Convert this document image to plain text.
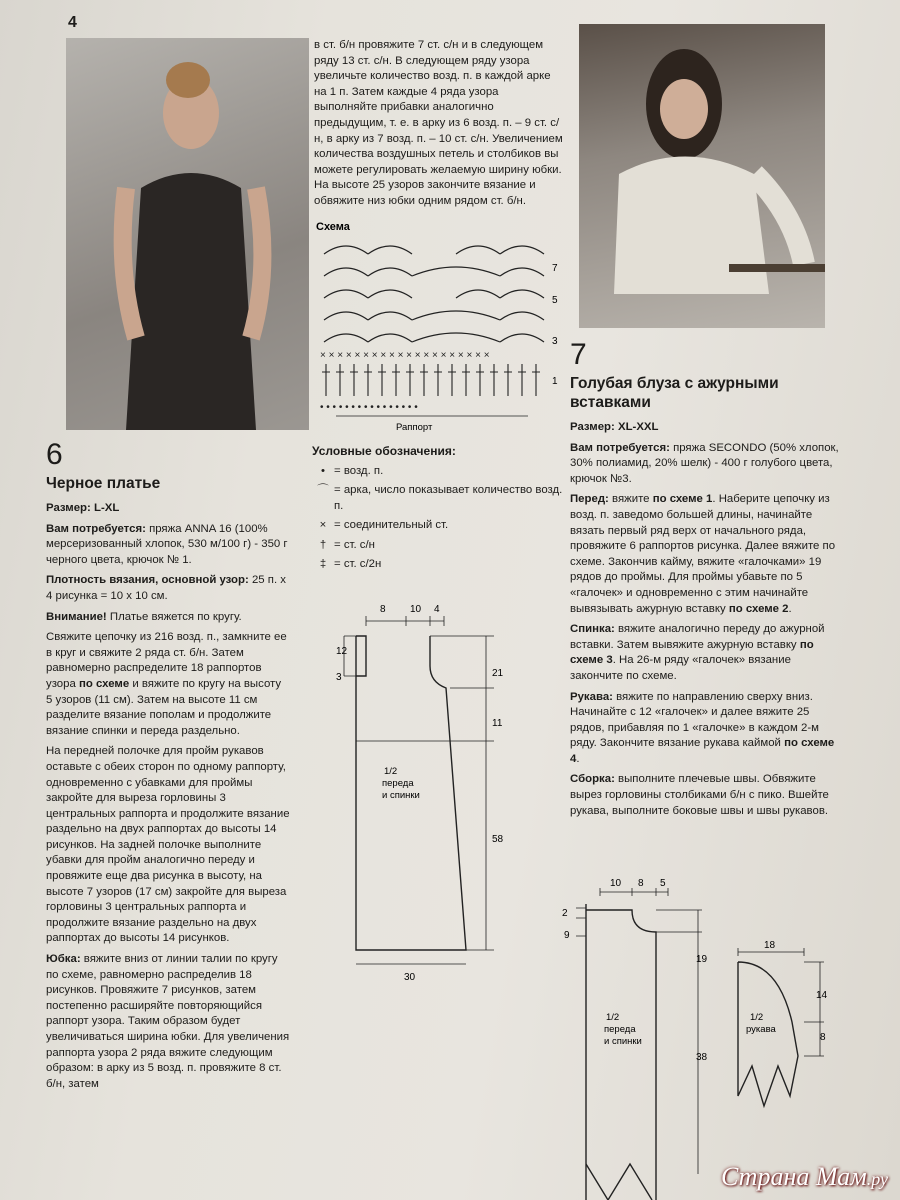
4
6
Черное платье

Размер: L-XL

Вам потребуется: пряжа ANNA 16 (100% мерсеризованный хлопок, 530 м/100 г) - 350 г черного цвета, крючок № 1.

Плотность вязания, основной узор: 25 п. х 4 рисунка = 10 х 10 см.

Внимание! Платье вяжется по кругу.

Свяжите цепочку из 216 возд. п., замкните ее в круг и свяжите 2 ряда ст. б/н. Затем равномерно распределите 18 раппортов узора по схеме и вяжите по кругу на высоту 5 узоров (11 см). Затем на высоте 11 см разделите вязание пополам и продолжите вязание спинки и переда раздельно.

На передней полочке для пройм рукавов оставьте с обеих сторон по одному раппорту, одновременно с убавками для проймы закройте для выреза горловины 3 центральных раппорта и продолжите вязание раздельно на двух раппортах до высоты 14 рисунков. На задней полочке выполните убавки для пройм аналогично переду и провяжите еще два рисунка в высоту, на высоте 7 узоров (17 см) закройте для выреза горловины 3 центральных раппорта и продолжите вязание раздельно на двух раппортах до высоты 14 рисунков.

Юбка: вяжите вниз от линии талии по кругу по схеме, равномерно распределив 18 рисунков. Провяжите 7 рисунков, затем постепенно расширяйте повторяющийся раппорт узора. Таким образом будет увеличиваться ширина юбки. Для увеличения раппорта узора 2 ряда вяжите следующим образом: в арку из 5 возд. п. провяжите 8 ст. б/н, затем

в ст. б/н провяжите 7 ст. с/н и в следующем ряду 13 ст. с/н. В следующем ряду узора увеличьте количество возд. п. в каждой арке на 1 п. Затем каждые 4 ряда узора выполняйте прибавки аналогично предыдущим, т. е. в арку из 6 возд. п. – 9 ст. с/н, в арку из 7 возд. п. – 10 ст. с/н. Увеличением количества воздушных петель и столбиков вы можете регулировать желаемую ширину юбки. На высоте 25 узоров закончите вязание и обвяжите низ юбки одним рядом ст. б/н.

Схема
× × × × × × × × × × × × × × × × × × × ×
• • • • • • • • • • • • • • • •
Раппорт
7
5
3
1
Условные обозначения:
• = возд. п.
⌒ = арка, число показывает количество возд. п.
× = соединительный ст.
† = ст. с/н
‡ = ст. с/2н
8 10 4
12
3	21
11
58
30
1/2
переда
и спинки
7
Голубая блуза с ажурными вставками

Размер: XL-XXL

Вам потребуется: пряжа SECONDO (50% хлопок, 30% полиамид, 20% шелк) - 400 г голубого цвета, крючок №3.

Перед: вяжите по схеме 1. Наберите цепочку из возд. п. заведомо большей длины, начинайте вязать первый ряд верх от начального ряда, провяжите 6 раппортов рисунка. Далее вяжите по схеме. Закончив кайму, вяжите «галочками» 19 рядов до проймы. Для проймы убавьте по 5 «галочек» и одновременно с этим начинайте вывязывать ажурную вставку по схеме 2.

Спинка: вяжите аналогично переду до ажурной вставки. Затем вывяжите ажурную вставку по схеме 3. На 26-м ряду «галочек» вязание закончите по схеме.

Рукава: вяжите по направлению сверху вниз. Начинайте с 12 «галочек» и далее вяжите 25 рядов, прибавляя по 1 «галочке» в каждом 2-м ряду. Закончите вязание рукава каймой по схеме 4.

Сборка: выполните плечевые швы. Обвяжите вырез горловины столбиками б/н с пико. Вшейте рукава, выполните боковые швы и швы рукавов.

10 8 5
2
9
19
38
1/2
переда
и спинки
18
14
8
1/2
рукава
Страна Мам.ру
